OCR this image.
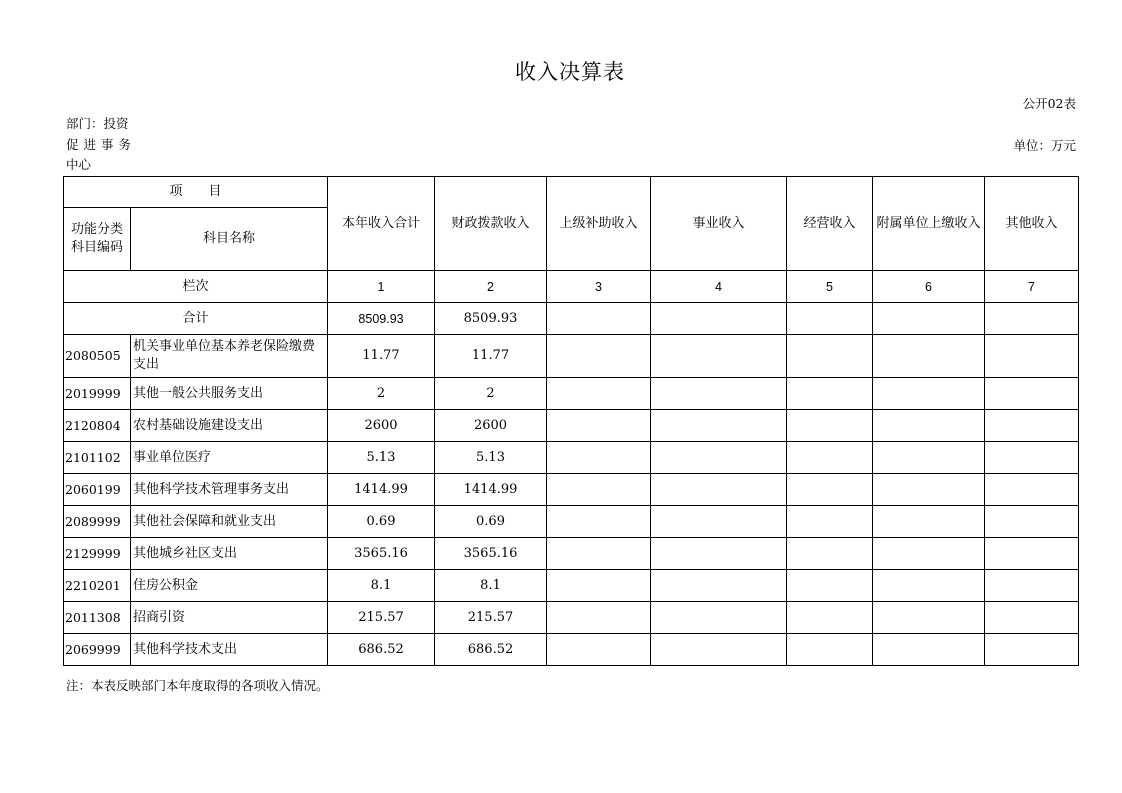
收入决算表
公开02表
部门：投资
促进事务
中心
单位：万元
项　　目		本年收入合计	财政拨款收入	上级补助收入	事业收入	经营收入	附属单位上缴收入	其他收入
功能分类科目编码	科目名称							
栏次		1	2	3	4	5	6	7
合计		8509.93	8509.93					
2080505	机关事业单位基本养老保险缴费支出	11.77	11.77					
2019999	其他一般公共服务支出	2	2					
2120804	农村基础设施建设支出	2600	2600					
2101102	事业单位医疗	5.13	5.13					
2060199	其他科学技术管理事务支出	1414.99	1414.99					
2089999	其他社会保障和就业支出	0.69	0.69					
2129999	其他城乡社区支出	3565.16	3565.16					
2210201	住房公积金	8.1	8.1					
2011308	招商引资	215.57	215.57					
2069999	其他科学技术支出	686.52	686.52					
注：本表反映部门本年度取得的各项收入情况。
